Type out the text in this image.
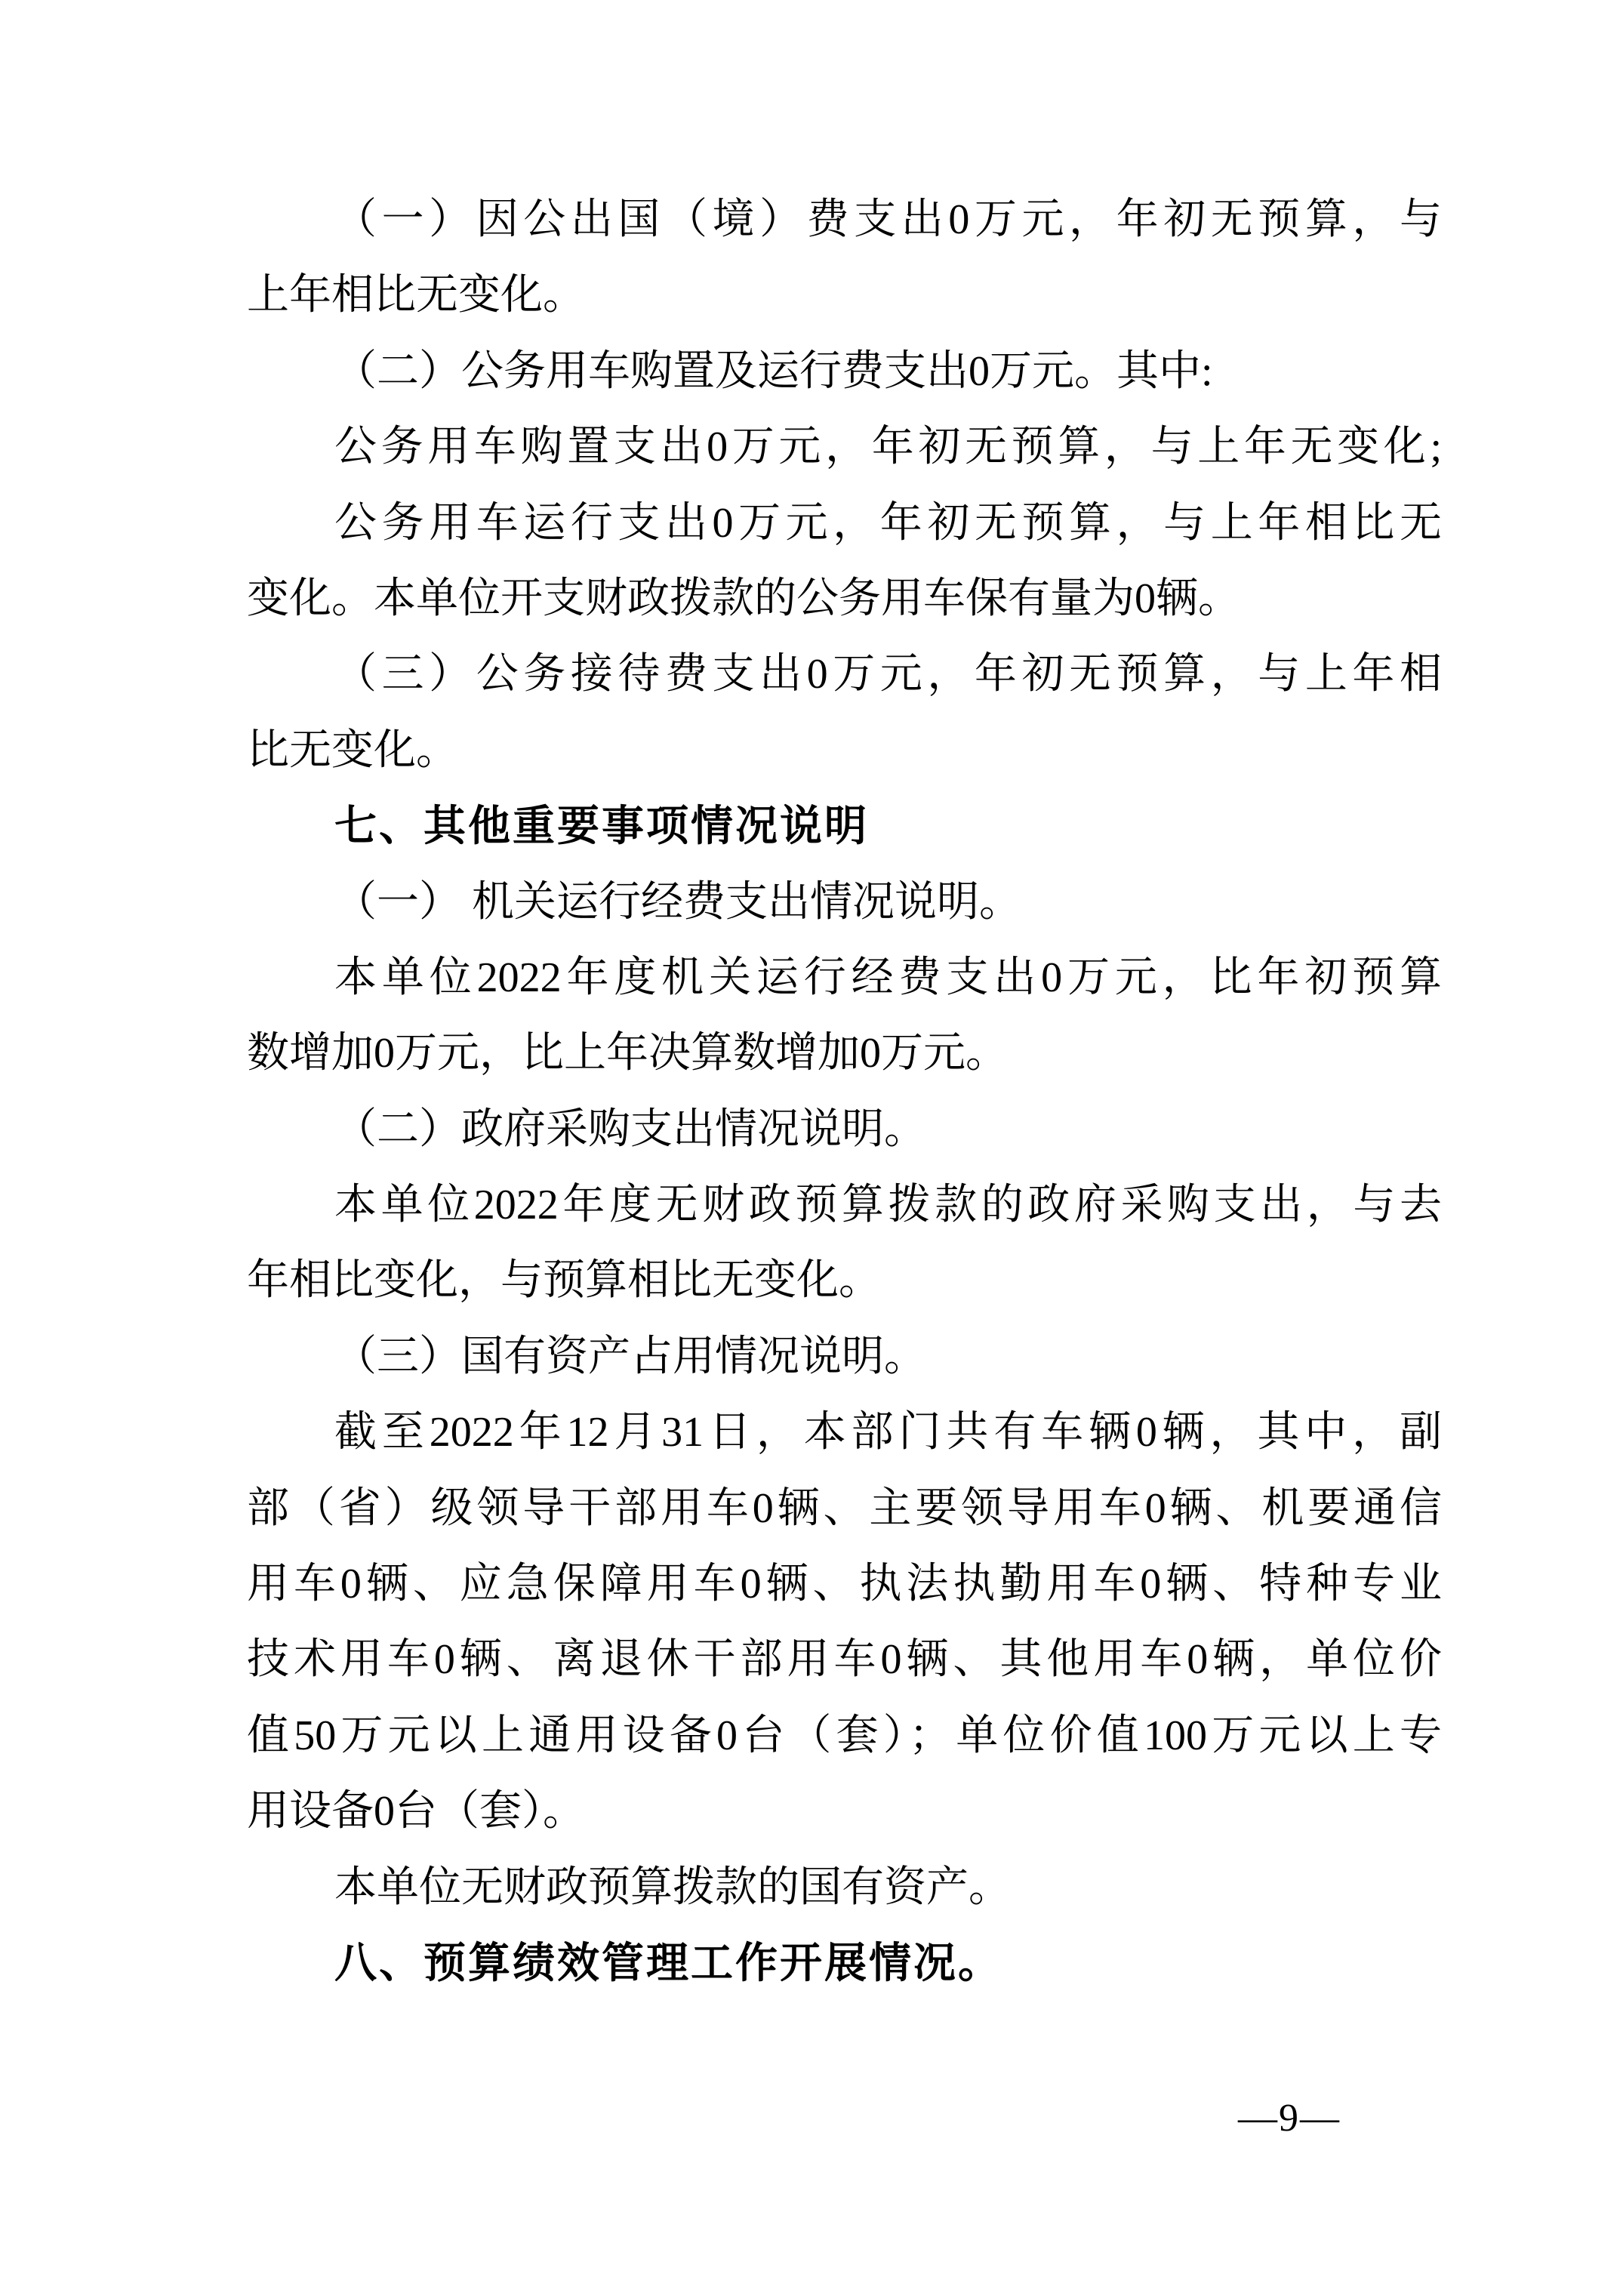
（一）因公出国（境）费支出0万元，年初无预算，与
上年相比无变化。
（二）公务用车购置及运行费支出0万元。其中:
公务用车购置支出0万元，年初无预算，与上年无变化;
公务用车运行支出0万元，年初无预算，与上年相比无
变化。本单位开支财政拨款的公务用车保有量为0辆。
（三）公务接待费支出0万元，年初无预算，与上年相
比无变化。
七、其他重要事项情况说明
（一） 机关运行经费支出情况说明。
本单位2022年度机关运行经费支出0万元，比年初预算
数增加0万元，比上年决算数增加0万元。
（二）政府采购支出情况说明。
本单位2022年度无财政预算拨款的政府采购支出，与去
年相比变化，与预算相比无变化。
（三）国有资产占用情况说明。
截至2022年12月31日，本部门共有车辆0辆，其中，副
部（省）级领导干部用车0辆、主要领导用车0辆、机要通信
用车0辆、应急保障用车0辆、执法执勤用车0辆、特种专业
技术用车0辆、离退休干部用车0辆、其他用车0辆，单位价
值50万元以上通用设备0台（套）；单位价值100万元以上专
用设备0台（套）。
本单位无财政预算拨款的国有资产。
八、预算绩效管理工作开展情况。
—9—
